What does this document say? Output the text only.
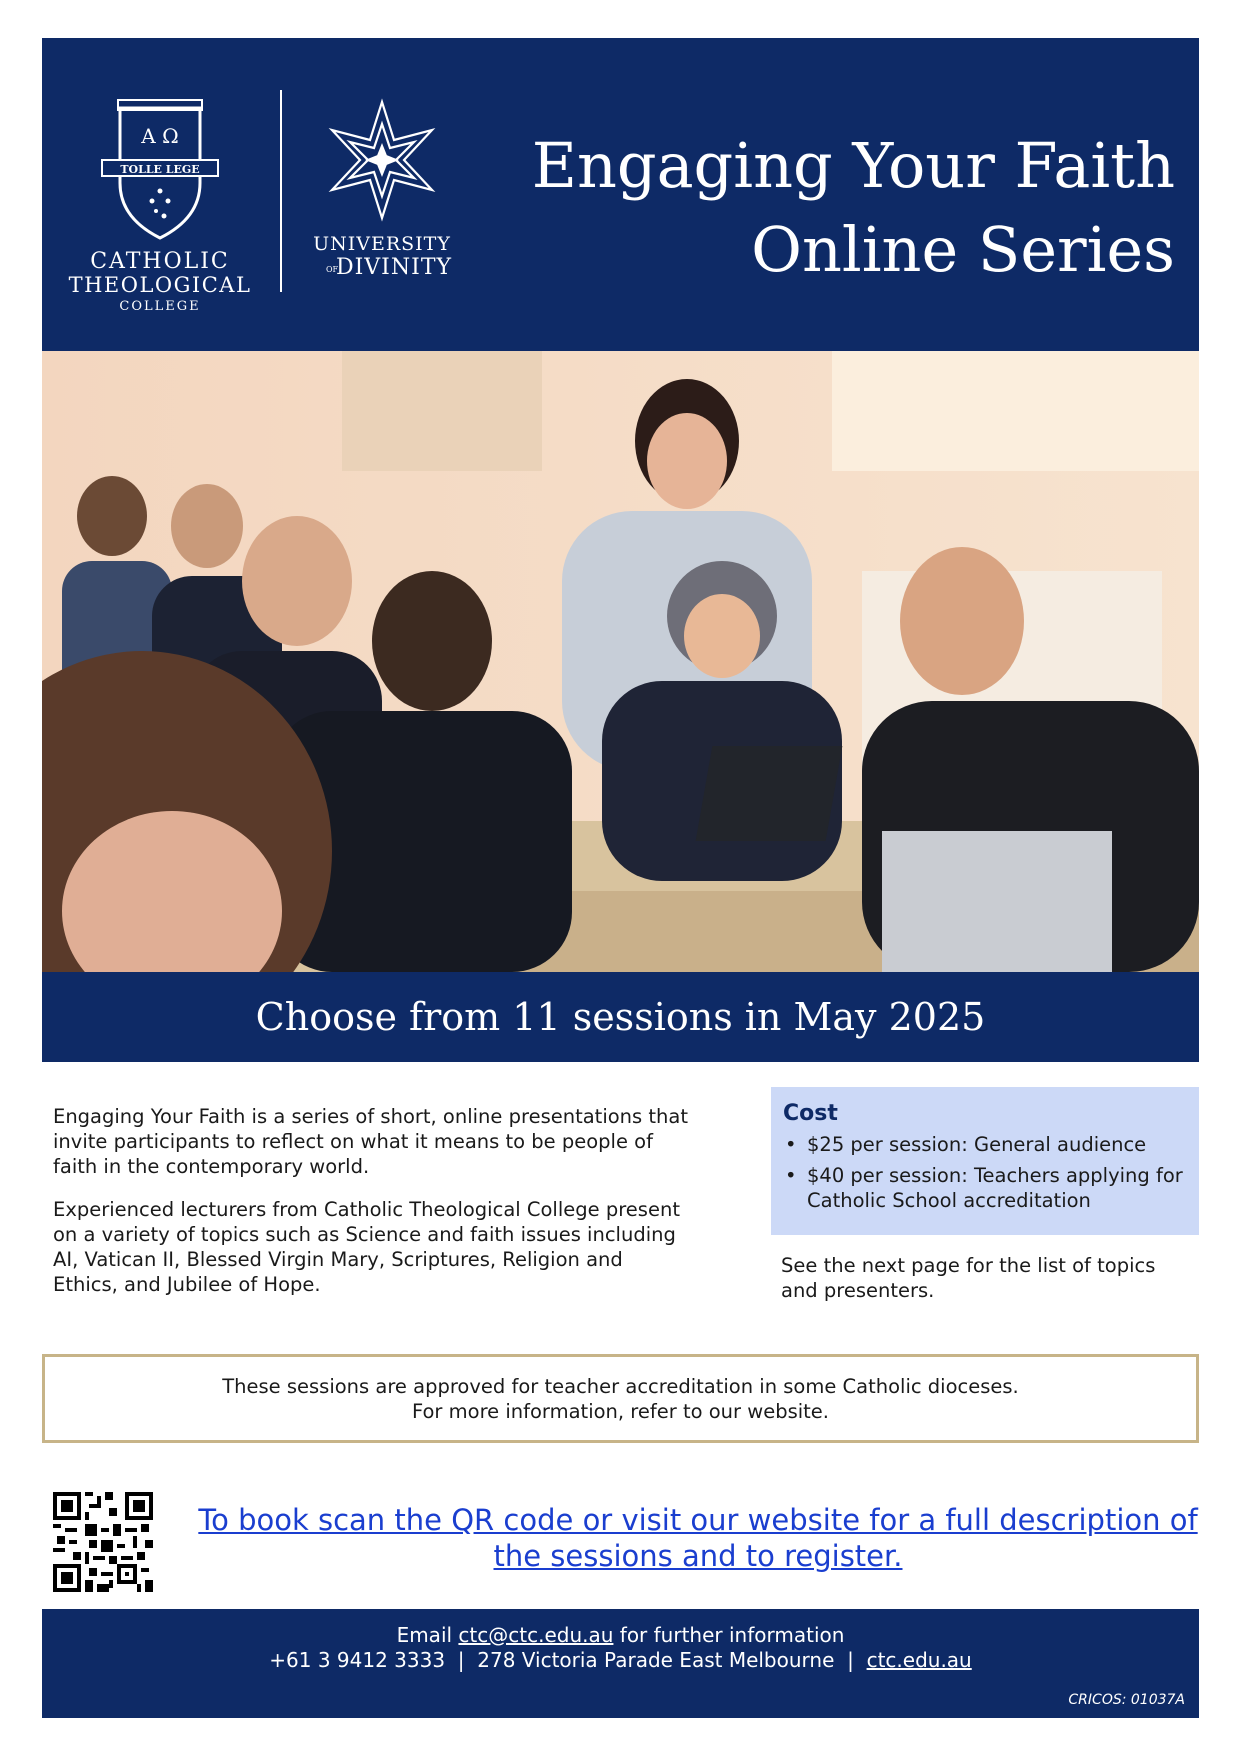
A Ω
TOLLE LEGE
CATHOLIC
THEOLOGICAL
COLLEGE
UNIVERSITY
OF
DIVINITY
Engaging Your Faith
Online Series
Choose from 11 sessions in May 2025

Engaging Your Faith is a series of short, online presentations that invite participants to reflect on what it means to be people of faith in the contemporary world.

Experienced lecturers from Catholic Theological College present on a variety of topics such as Science and faith issues including AI, Vatican II, Blessed Virgin Mary, Scriptures, Religion and Ethics, and Jubilee of Hope.

Cost
• $25 per session: General audience
• $40 per session: Teachers applying for Catholic School accreditation
See the next page for the list of topics and presenters.
These sessions are approved for teacher accreditation in some Catholic dioceses.
For more information, refer to our website.
To book scan the QR code or visit our website for a full description of the sessions and to register.
Email ctc@ctc.edu.au for further information
+61 3 9412 3333 | 278 Victoria Parade East Melbourne | ctc.edu.au
CRICOS: 01037A
